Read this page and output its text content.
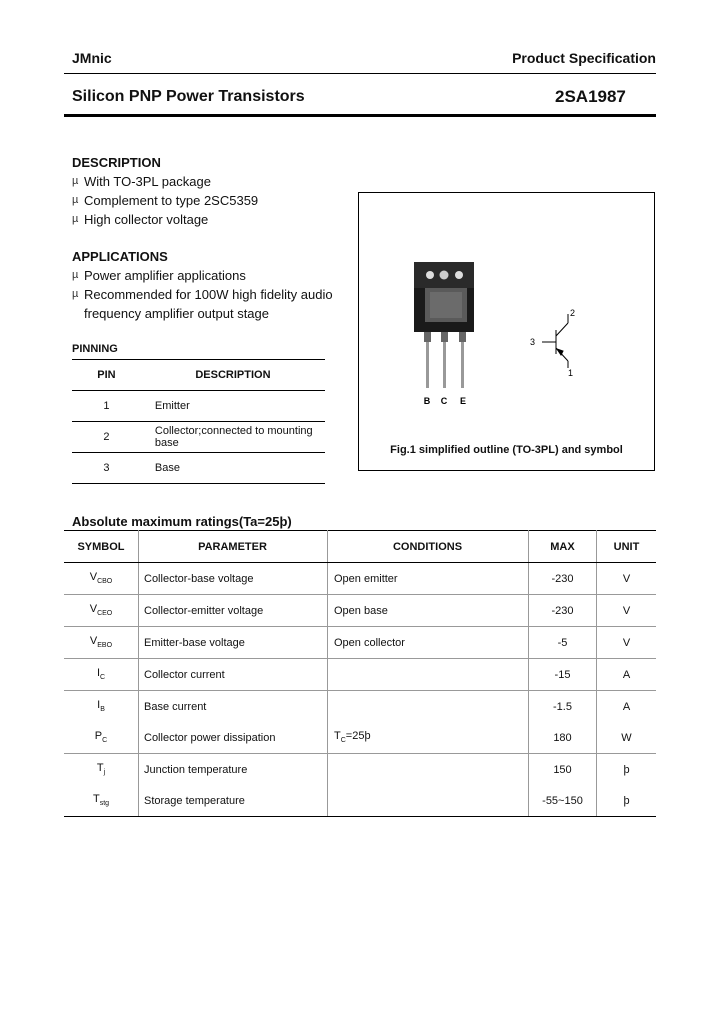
JMnic	Product Specification
Silicon PNP Power Transistors	2SA1987
DESCRIPTION
µ With TO-3PL package
µ Complement to type 2SC5359
µ High collector voltage
APPLICATIONS
µ Power amplifier applications
µ Recommended for 100W high fidelity audio
frequency amplifier output stage
PINNING
PIN	DESCRIPTION
1	Emitter
2	Collector;connected to mounting base
3	Base
B C E
2
3
1
Fig.1 simplified outline (TO-3PL) and symbol
Absolute maximum ratings(Ta=25þ)
SYMBOL	PARAMETER	CONDITIONS	MAX	UNIT
$V_{CBO}$	Collector-base voltage	Open emitter	-230	V
$V_{CEO}$	Collector-emitter voltage	Open base	-230	V
$V_{EBO}$	Emitter-base voltage	Open collector	-5	V
$I_C$	Collector current		-15	A
$I_B$	Base current		-1.5	A
$P_C$	Collector power dissipation	$T_C=25þ$	180	W
$T_j$	Junction temperature		150	þ
$T_{stg}$	Storage temperature		-55~150	þ
